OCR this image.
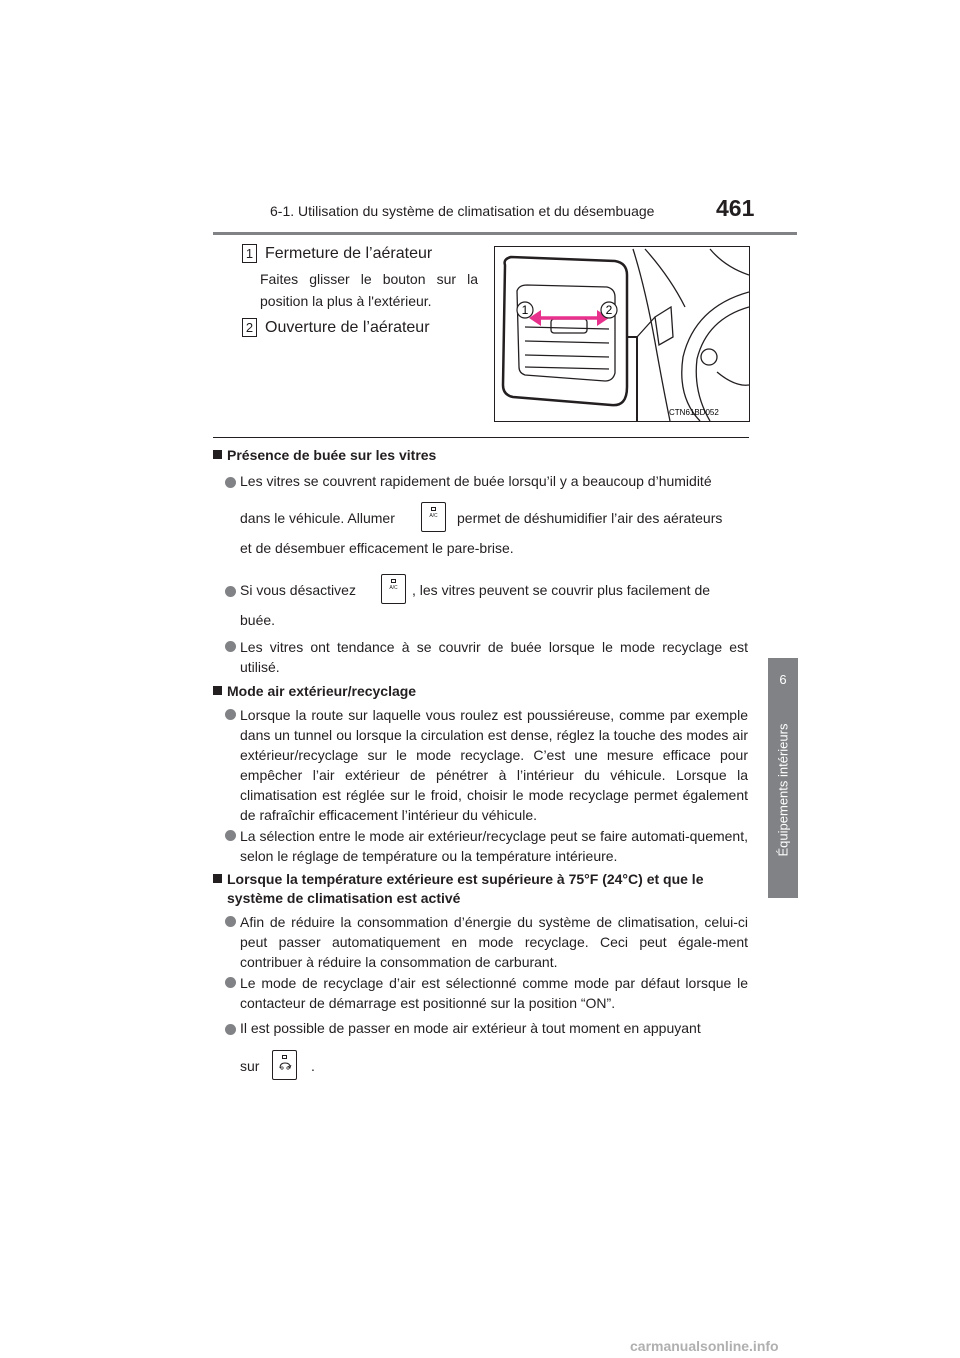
6-1. Utilisation du système de climatisation et du désembuage	461
6
Équipements intérieurs
1 Fermeture de l’aérateur
Faites glisser le bouton sur la position la plus à l'extérieur.
2 Ouverture de l’aérateur
1	2
CTN61BD052
Présence de buée sur les vitres
Les vitres se couvrent rapidement de buée lorsqu’il y a beaucoup d’humidité
dans le véhicule. Allumer	A/C	permet de déshumidifier l’air des aérateurs
et de désembuer efficacement le pare-brise.
Si vous désactivez	A/C	, les vitres peuvent se couvrir plus facilement de
buée.
Les vitres ont tendance à se couvrir de buée lorsque le mode recyclage est utilisé.
Mode air extérieur/recyclage
Lorsque la route sur laquelle vous roulez est poussiéreuse, comme par exemple dans un tunnel ou lorsque la circulation est dense, réglez la touche des modes air extérieur/recyclage sur le mode recyclage. C’est une mesure efficace pour empêcher l’air extérieur de pénétrer à l’intérieur du véhicule. Lorsque la climatisation est réglée sur le froid, choisir le mode recyclage permet également de rafraîchir efficacement l’intérieur du véhicule.
La sélection entre le mode air extérieur/recyclage peut se faire automati-quement, selon le réglage de température ou la température intérieure.
Lorsque la température extérieure est supérieure à 75°F (24°C) et que le
système de climatisation est activé
Afin de réduire la consommation d’énergie du système de climatisation, celui-ci peut passer automatiquement en mode recyclage. Ceci peut égale-ment contribuer à réduire la consommation de carburant.
Le mode de recyclage d’air est sélectionné comme mode par défaut lorsque le contacteur de démarrage est positionné sur la position “ON”.
Il est possible de passer en mode air extérieur à tout moment en appuyant
sur	.
carmanualsonline.info
